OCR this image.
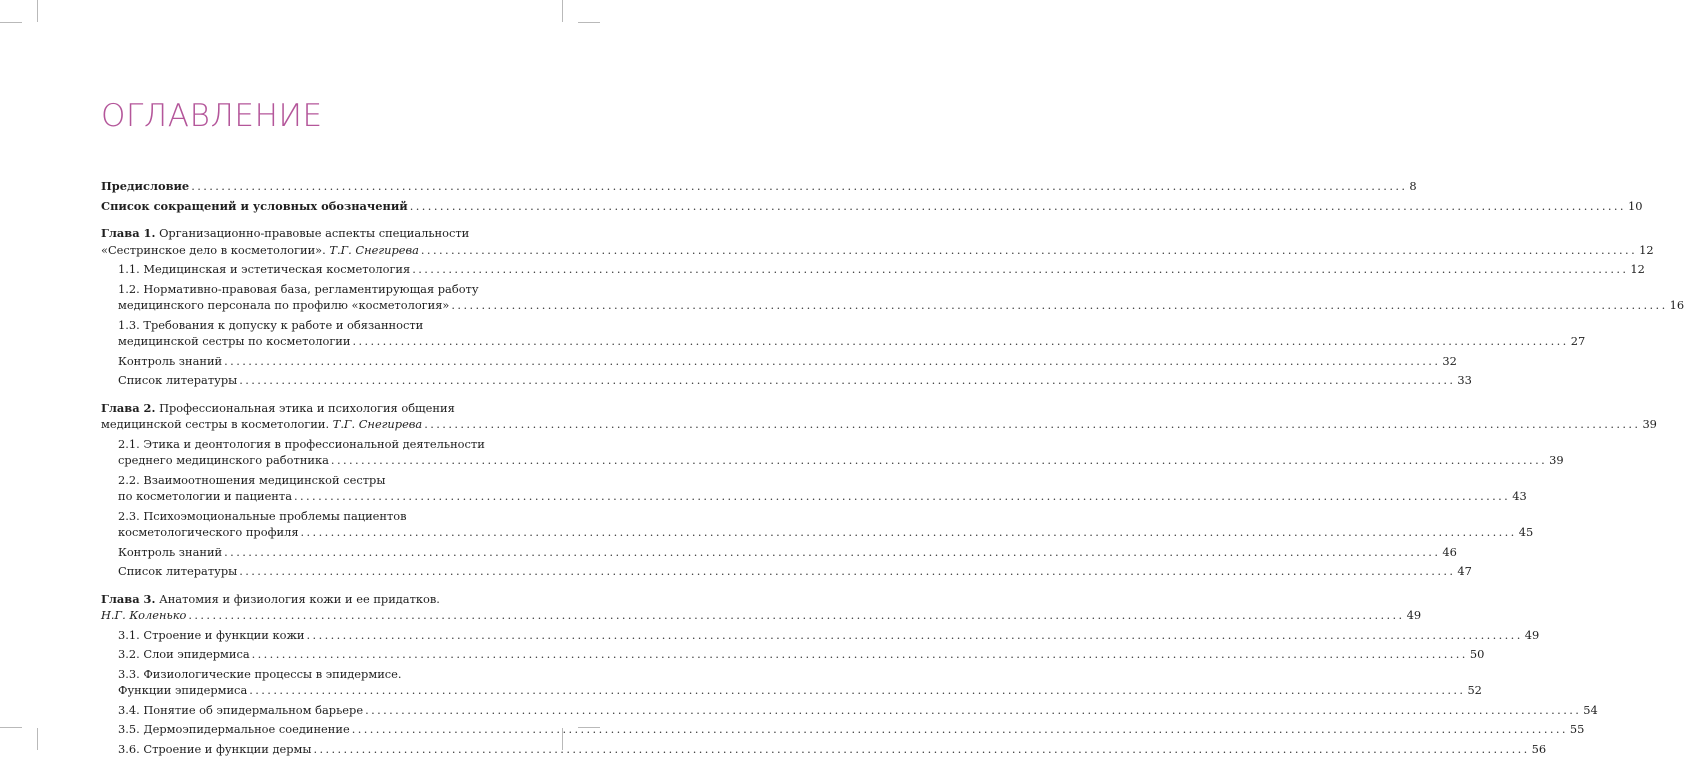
ОГЛАВЛЕНИЕ
Предисловие .......................................................................................................................................................................................................... 8
Список сокращений и условных обозначений .......................................................................................................................................................................................................... 10
Глава 1. Организационно-правовые аспекты специальности
«Сестринское дело в косметологии». Т.Г. Снегирева .......................................................................................................................................................................................................... 12
1.1. Медицинская и эстетическая косметология .......................................................................................................................................................................................................... 12
1.2. Нормативно-правовая база, регламентирующая работу
медицинского персонала по профилю «косметология» .......................................................................................................................................................................................................... 16
1.3. Требования к допуску к работе и обязанности
медицинской сестры по косметологии .......................................................................................................................................................................................................... 27
Контроль знаний .......................................................................................................................................................................................................... 32
Список литературы .......................................................................................................................................................................................................... 33
Глава 2. Профессиональная этика и психология общения
медицинской сестры в косметологии. Т.Г. Снегирева .......................................................................................................................................................................................................... 39
2.1. Этика и деонтология в профессиональной деятельности
среднего медицинского работника .......................................................................................................................................................................................................... 39
2.2. Взаимоотношения медицинской сестры
по косметологии и пациента .......................................................................................................................................................................................................... 43
2.3. Психоэмоциональные проблемы пациентов
косметологического профиля .......................................................................................................................................................................................................... 45
Контроль знаний .......................................................................................................................................................................................................... 46
Список литературы .......................................................................................................................................................................................................... 47
Глава 3. Анатомия и физиология кожи и ее придатков.
Н.Г. Коленько .......................................................................................................................................................................................................... 49
3.1. Строение и функции кожи .......................................................................................................................................................................................................... 49
3.2. Слои эпидермиса .......................................................................................................................................................................................................... 50
3.3. Физиологические процессы в эпидермисе.
Функции эпидермиса .......................................................................................................................................................................................................... 52
3.4. Понятие об эпидермальном барьере .......................................................................................................................................................................................................... 54
3.5. Дермоэпидермальное соединение .......................................................................................................................................................................................................... 55
3.6. Строение и функции дермы .......................................................................................................................................................................................................... 56
